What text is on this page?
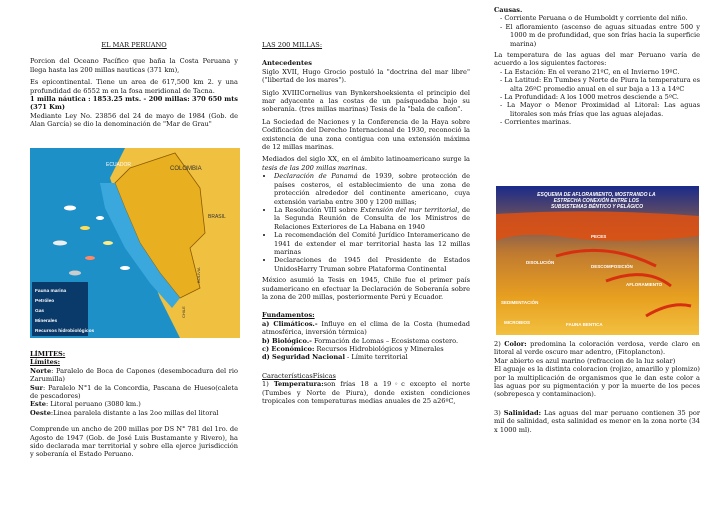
EL MAR PERUANO

Porcion del Oceano Pacífico que baña la Costa Peruana y llega hasta las 200 millas nauticas (371 km),

Es epicontinental. Tiene un area de 617,500 km 2. y una profundidad de 6552 m en la fosa meridional de Tacna.

1 milla náutica : 1853.25 mts. - 200 millas: 370 650 mts (371 Km)

Mediante Ley No. 23856 del 24 de mayo de 1984 (Gob. de Alan García) se dio la denominación de "Mar de Grau"

COLOMBIA
ECUADOR
BRASIL
BOLIVIA
CHILE
Fauna marina
Petróleo
Gas
Minerales
Recursos hidrobiológicos

LÍMITES:

Límites:

Norte: Paralelo de Boca de Capones (desembocadura del rio Zarumilla)

Sur: Paralelo N°1 de la Concordia, Pascana de Hueso(caleta de pescadores)

Este: Litoral peruano (3080 km.)

Oeste:Linea paralela distante a las 2oo millas del litoral

Comprende un ancho de 200 millas por DS N° 781 del 1ro. de Agosto de 1947 (Gob. de José Luis Bustamante y Rivero), ha sido declarada mar territorial y sobre ella ejerce jurisdicción y soberanía el Estado Peruano.

LAS 200 MILLAS:

Antecedentes

Siglo XVII, Hugo Grocio postuló la "doctrina del mar libre"("libertad de los mares").

Siglo XVIIICornelius van Bynkershoeksienta el principio del mar adyacente a las costas de un paísquedaba bajo su soberanía. (tres millas marinas) Tesis de la "bala de cañon".

La Sociedad de Naciones y la Conferencia de la Haya sobre Codificación del Derecho Internacional de 1930, reconoció la existencia de una zona contigua con una extensión máxima de 12 millas marinas.

Mediados del siglo XX, en el ámbito latinoamericano surge la tesis de las 200 millas marinas.

• Declaración de Panamá de 1939, sobre protección de países costeros, el establecimiento de una zona de protección alrededor del continente americano, cuya extensión variaba entre 300 y 1200 millas;
• La Resolución VIII sobre Extensión del mar territorial, de la Segunda Reunión de Consulta de los Ministros de Relaciones Exteriores de La Habana en 1940
• La recomendación del Comité Jurídico Interamericano de 1941 de extender el mar territorial hasta las 12 millas marinas
• Declaraciones de 1945 del Presidente de Estados UnidosHarry Truman sobre Plataforma Continental

México asumió la Tesis en 1945, Chile fue el primer país sudamericano en efectuar la Declaración de Soberanía sobre la zona de 200 millas, posteriormente Perú y Ecuador.

Fundamentos:

a) Climáticos.- Influye en el clima de la Costa (humedad atmosférica, inversión térmica)

b) Biológico.- Formación de Lomas – Ecosistema costero.

c) Económico: Recursos Hidrobiológicos y Minerales

d) Seguridad Nacional - Límite territorial

CaracterísticasFísicas

1) Temperatura:son frías 18 a 19◦c excepto el norte (Tumbes y Norte de Piura), donde existen condiciones tropicales con temperaturas medias anuales de 25 a26ºC,

Causas.

- Corriente Peruana o de Humboldt y corriente del niño.
- El afloramiento (ascenso de aguas situadas entre 500 y 1000 m de profundidad, que son frías hacia la superficie marina)

La temperatura de las aguas del mar Peruano varía de acuerdo a los siguientes factores:

- La Estación: En el verano 21ºC, en el Invierno 19ºC.
- La Latitud: En Tumbes y Norte de Piura la temperatura es alta 26ºC promedio anual en el sur baja a 13 a 14ºC
- La Profundidad: A los 1000 metros desciende a 5ºC.
- La Mayor o Menor Proximidad al Litoral: Las aguas litorales son más frías que las aguas alejadas.
- Corrientes marinas.
ESQUEMA DE AFLORAMIENTO, MOSTRANDO LA ESTRECHA CONEXIÓN ENTRE LOS SUBSISTEMAS BÉNTICO Y PELÁGICO
DISOLUCIÓN
SEDIMENTACIÓN
AFLORAMIENTO
DESCOMPOSICIÓN
PECES
MICROBIOS	FAUNA BENTICA

2) Color: predomina la coloración verdosa, verde claro en litoral al verde oscuro mar adentro, (Fitoplancton).

Mar abierto es azul marino (refraccion de la luz solar)

El aguaje es la distinta coloracion (rojizo, amarillo y plomizo) por la multiplicación de organismos que le dan este color a las aguas por su pigmentación y por la muerte de los peces (sobrepesca y contaminacion).

3) Salinidad: Las aguas del mar peruano contienen 35 por mil de salinidad, esta salinidad es menor en la zona norte (34 x 1000 ml).
